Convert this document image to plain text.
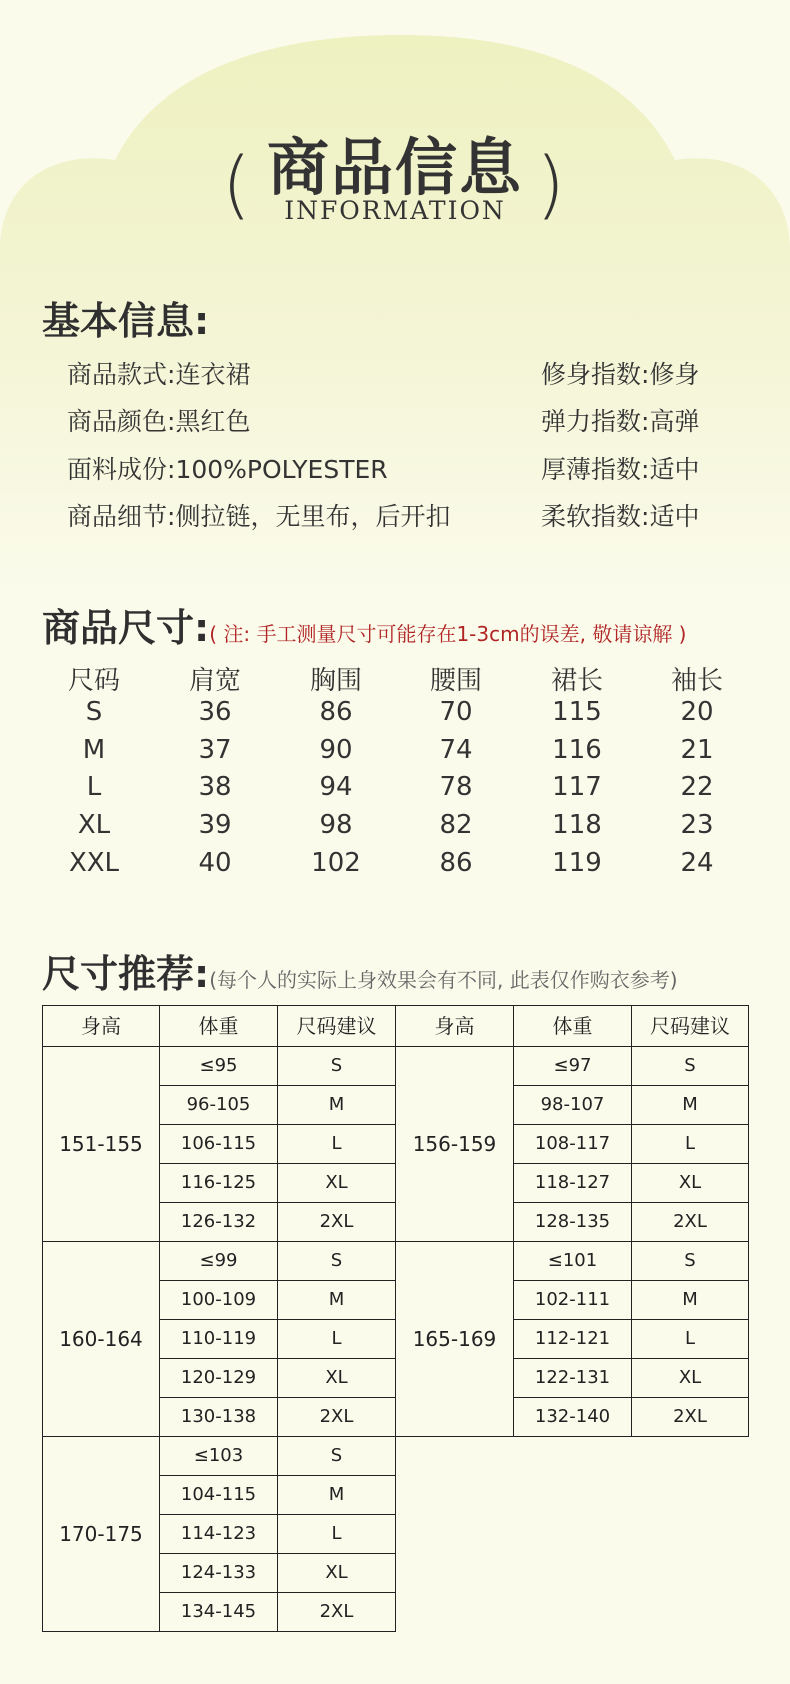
( 商品信息 )
INFORMATION
基本信息:
商品款式:连衣裙
商品颜色:黑红色
面料成份:100%POLYESTER
商品细节:侧拉链，无里布，后开扣
修身指数:修身
弹力指数:高弹
厚薄指数:适中
柔软指数:适中
商品尺寸:( 注: 手工测量尺寸可能存在1-3cm的误差, 敬请谅解 )
尺码	肩宽	胸围	腰围	裙长	袖长
S	36	86	70	115	20
M	37	90	74	116	21
L	38	94	78	117	22
XL	39	98	82	118	23
XXL	40	102	86	119	24
尺寸推荐:(每个人的实际上身效果会有不同, 此表仅作购衣参考)
身高	体重	尺码建议	身高	体重	尺码建议
151-155	≤95	S	156-159	≤97	S
	96-105	M		98-107	M
	106-115	L		108-117	L
	116-125	XL		118-127	XL
	126-132	2XL		128-135	2XL
160-164	≤99	S	165-169	≤101	S
	100-109	M		102-111	M
	110-119	L		112-121	L
	120-129	XL		122-131	XL
	130-138	2XL		132-140	2XL
170-175	≤103	S			
	104-115	M			
	114-123	L			
	124-133	XL			
	134-145	2XL			
